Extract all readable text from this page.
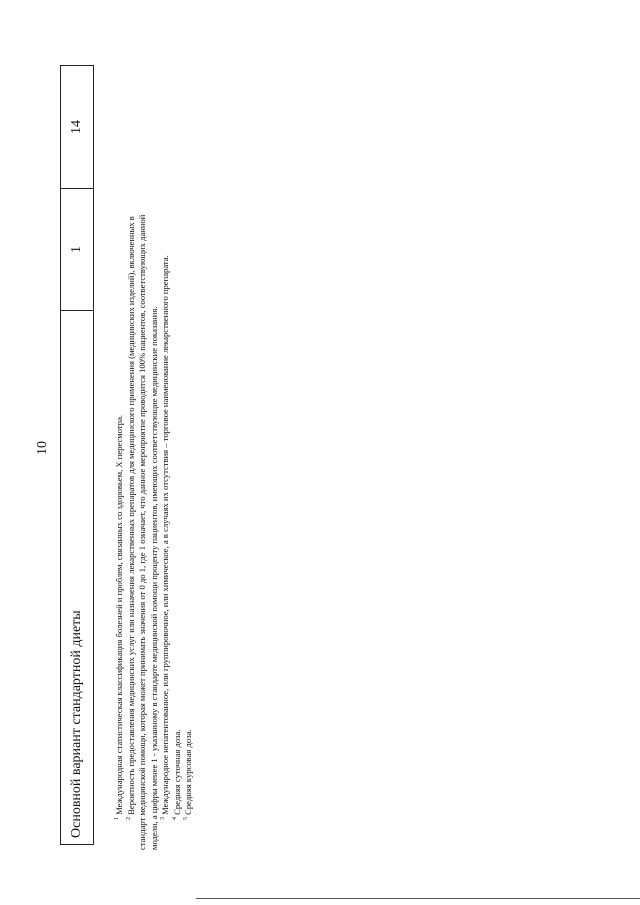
10
Основной вариант стандартной диеты
1
14
$^1$ Международная статистическая классификация болезней и проблем, связанных со здоровьем, X пересмотра.
$^2$ Вероятность предоставления медицинских услуг или назначения лекарственных препаратов для медицинского применения (медицинских изделий), включенных в стандарт медицинской помощи, которая может принимать значения от 0 до 1, где 1 означает, что данное мероприятие проводится 100% пациентов, соответствующих данной модели, а цифры менее 1 - указанному в стандарте медицинской помощи проценту пациентов, имеющих соответствующие медицинские показания. $^3$ Международное непатентованное, или группировочное, или химическое, а в случаях их отсутствия – торговое наименование лекарственного препарата.
$^4$ Средняя суточная доза.
$^5$ Средняя курсовая доза.
